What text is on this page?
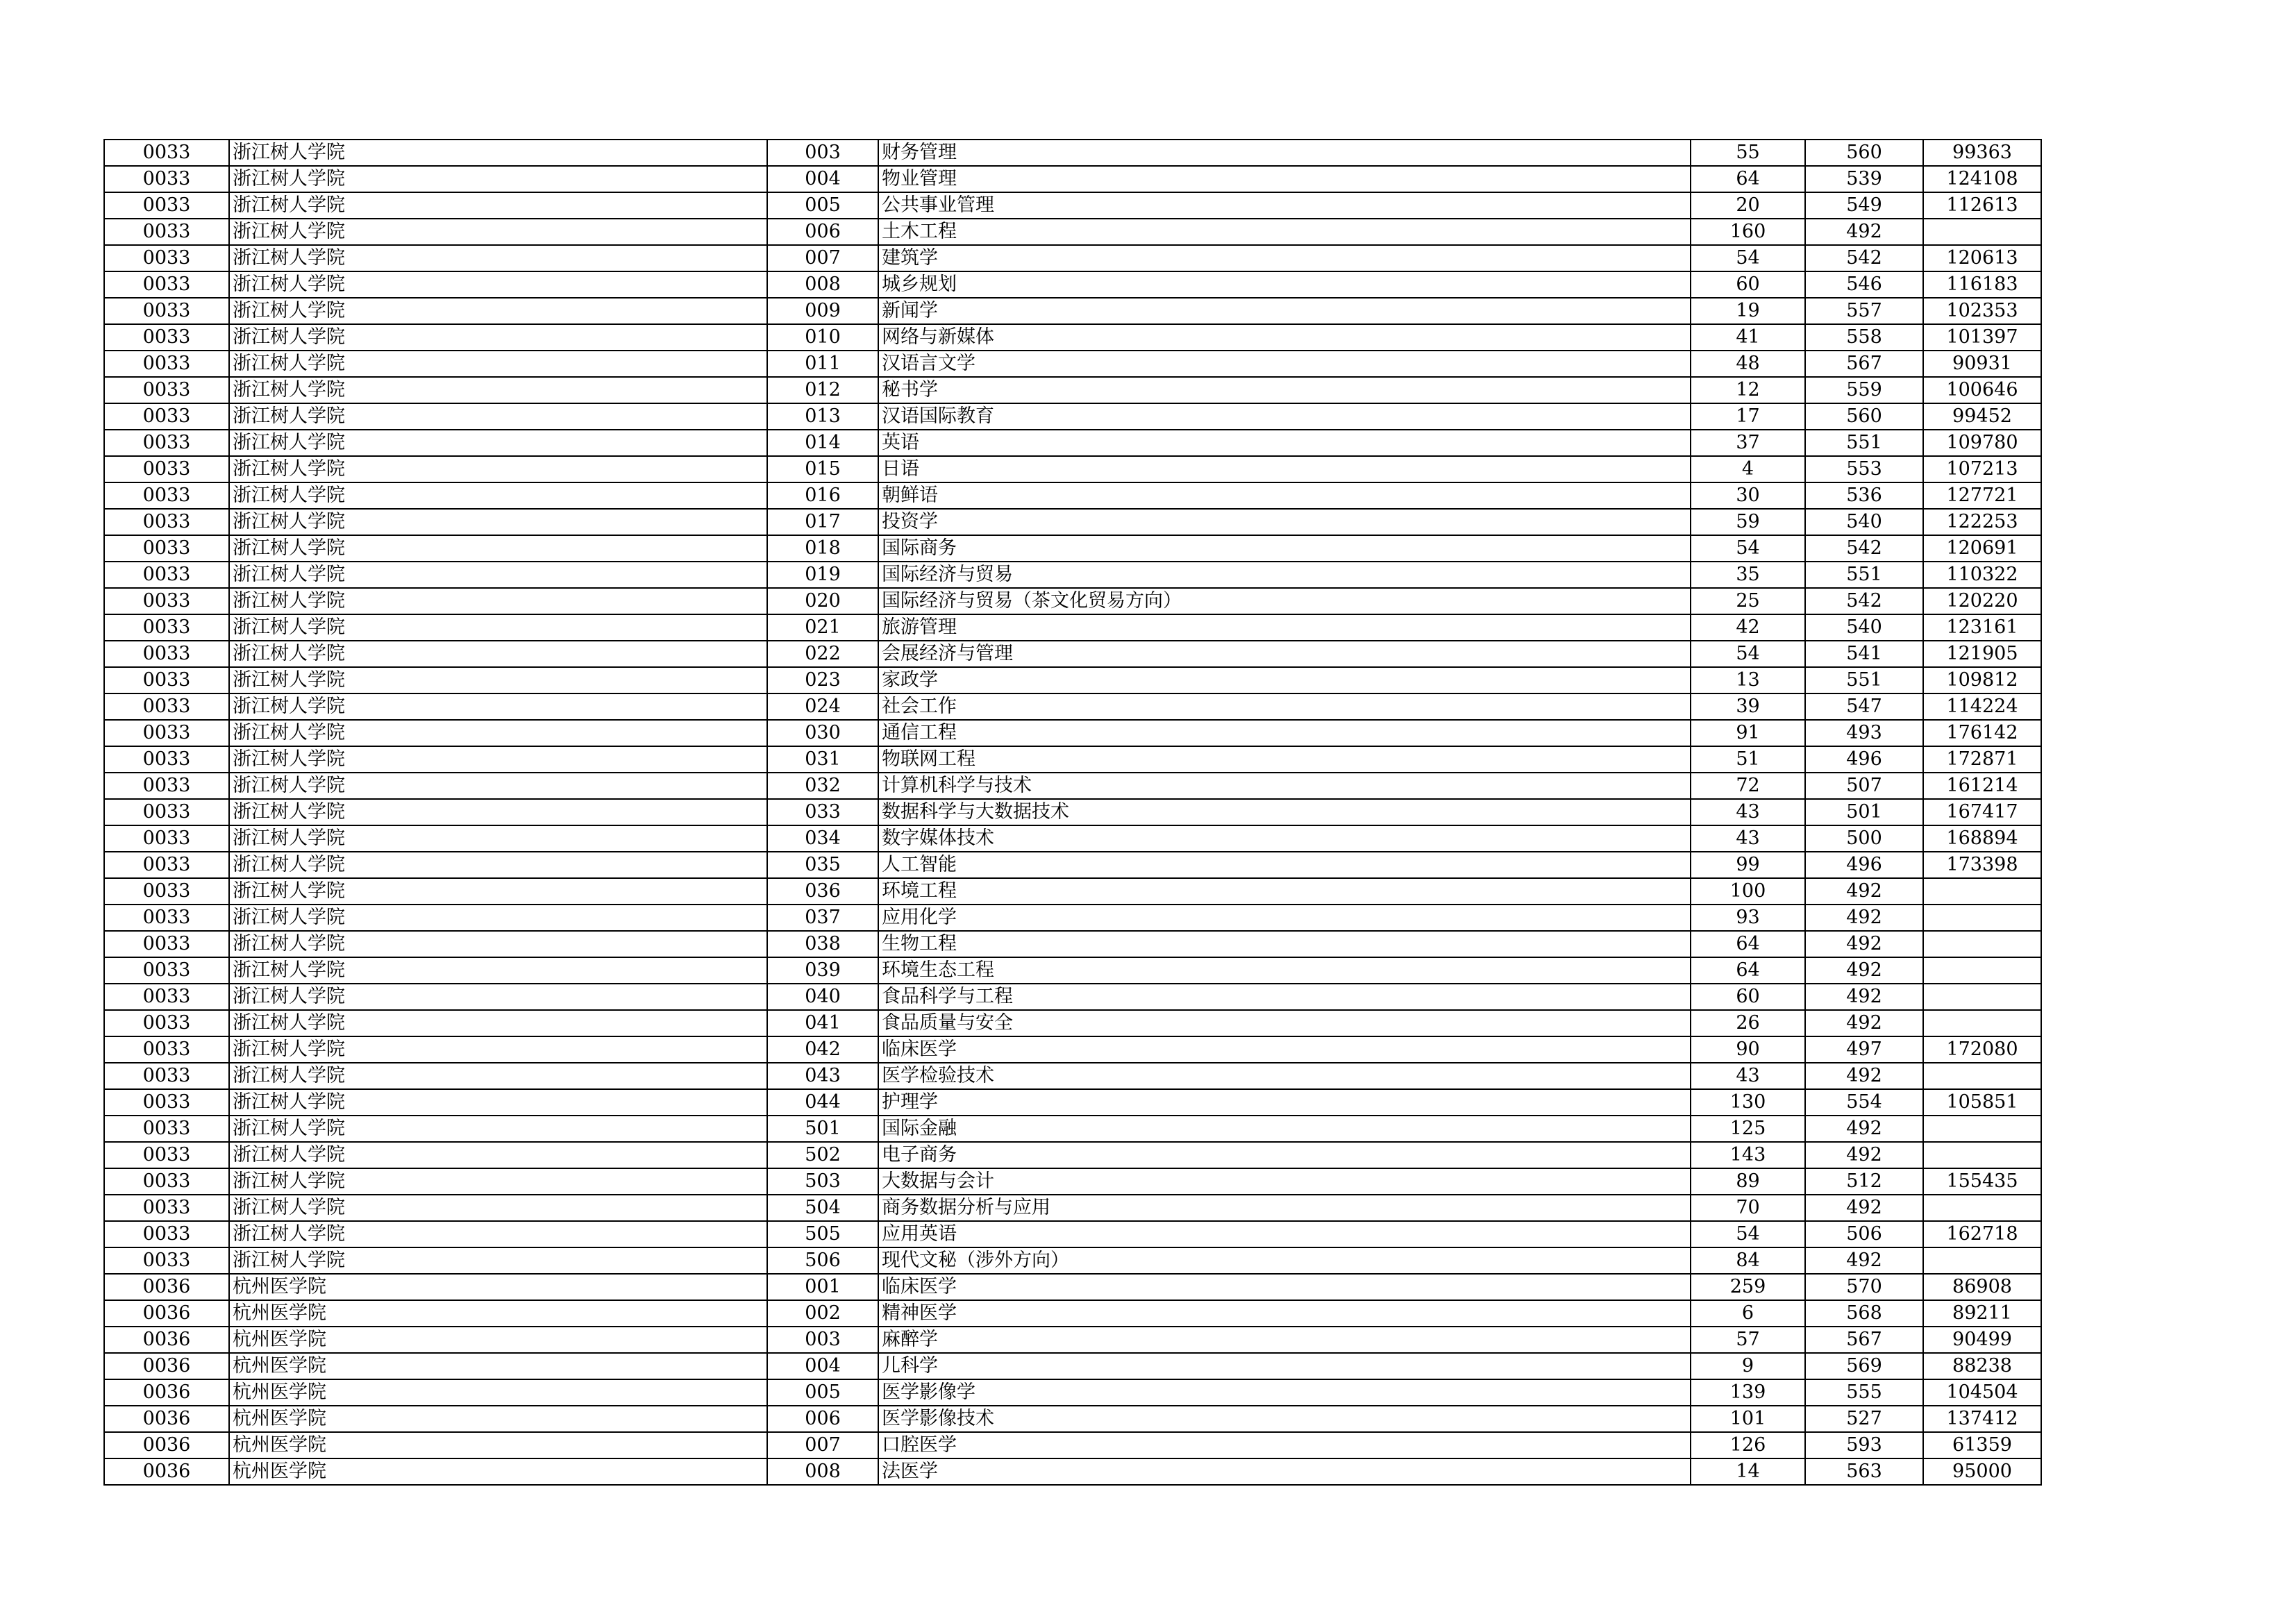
0033	浙江树人学院	003	财务管理	55	560	99363
0033	浙江树人学院	004	物业管理	64	539	124108
0033	浙江树人学院	005	公共事业管理	20	549	112613
0033	浙江树人学院	006	土木工程	160	492	
0033	浙江树人学院	007	建筑学	54	542	120613
0033	浙江树人学院	008	城乡规划	60	546	116183
0033	浙江树人学院	009	新闻学	19	557	102353
0033	浙江树人学院	010	网络与新媒体	41	558	101397
0033	浙江树人学院	011	汉语言文学	48	567	90931
0033	浙江树人学院	012	秘书学	12	559	100646
0033	浙江树人学院	013	汉语国际教育	17	560	99452
0033	浙江树人学院	014	英语	37	551	109780
0033	浙江树人学院	015	日语	4	553	107213
0033	浙江树人学院	016	朝鲜语	30	536	127721
0033	浙江树人学院	017	投资学	59	540	122253
0033	浙江树人学院	018	国际商务	54	542	120691
0033	浙江树人学院	019	国际经济与贸易	35	551	110322
0033	浙江树人学院	020	国际经济与贸易（茶文化贸易方向）	25	542	120220
0033	浙江树人学院	021	旅游管理	42	540	123161
0033	浙江树人学院	022	会展经济与管理	54	541	121905
0033	浙江树人学院	023	家政学	13	551	109812
0033	浙江树人学院	024	社会工作	39	547	114224
0033	浙江树人学院	030	通信工程	91	493	176142
0033	浙江树人学院	031	物联网工程	51	496	172871
0033	浙江树人学院	032	计算机科学与技术	72	507	161214
0033	浙江树人学院	033	数据科学与大数据技术	43	501	167417
0033	浙江树人学院	034	数字媒体技术	43	500	168894
0033	浙江树人学院	035	人工智能	99	496	173398
0033	浙江树人学院	036	环境工程	100	492	
0033	浙江树人学院	037	应用化学	93	492	
0033	浙江树人学院	038	生物工程	64	492	
0033	浙江树人学院	039	环境生态工程	64	492	
0033	浙江树人学院	040	食品科学与工程	60	492	
0033	浙江树人学院	041	食品质量与安全	26	492	
0033	浙江树人学院	042	临床医学	90	497	172080
0033	浙江树人学院	043	医学检验技术	43	492	
0033	浙江树人学院	044	护理学	130	554	105851
0033	浙江树人学院	501	国际金融	125	492	
0033	浙江树人学院	502	电子商务	143	492	
0033	浙江树人学院	503	大数据与会计	89	512	155435
0033	浙江树人学院	504	商务数据分析与应用	70	492	
0033	浙江树人学院	505	应用英语	54	506	162718
0033	浙江树人学院	506	现代文秘（涉外方向）	84	492	
0036	杭州医学院	001	临床医学	259	570	86908
0036	杭州医学院	002	精神医学	6	568	89211
0036	杭州医学院	003	麻醉学	57	567	90499
0036	杭州医学院	004	儿科学	9	569	88238
0036	杭州医学院	005	医学影像学	139	555	104504
0036	杭州医学院	006	医学影像技术	101	527	137412
0036	杭州医学院	007	口腔医学	126	593	61359
0036	杭州医学院	008	法医学	14	563	95000
